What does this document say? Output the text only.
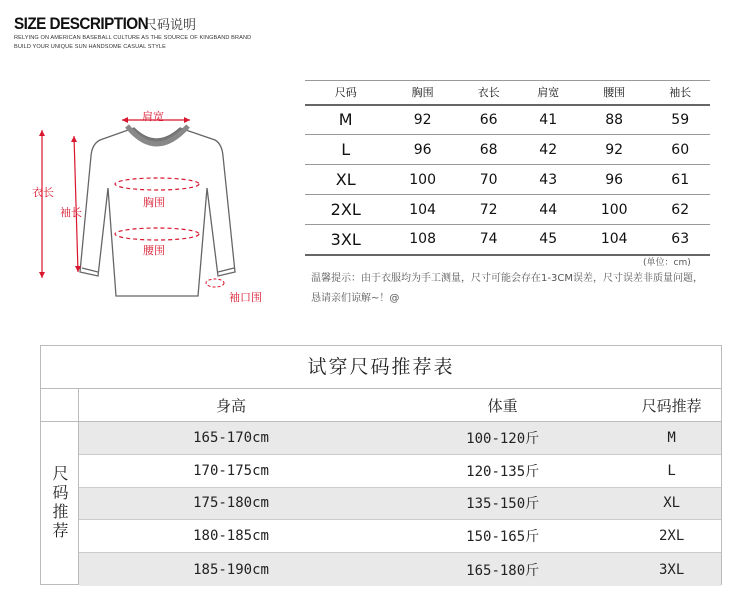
SIZE DESCRIPTION
尺码说明
RELYING ON AMERICAN BASEBALL CULTURE AS THE SOURCE OF KINGBAND BRAND
BUILD YOUR UNIQUE SUN HANDSOME CASUAL STYLE
肩宽
衣长
袖长
胸围
腰围
袖口围
尺码	胸围	衣长	肩宽	腰围	袖长
M	92	66	41	88	59
L	96	68	42	92	60
XL	100	70	43	96	61
2XL	104	72	44	100	62
3XL	108	74	45	104	63
(单位：cm)
温馨提示：由于衣服均为手工测量，尺寸可能会存在1-3CM误差，尺寸误差非质量问题，恳请亲们谅解~！@
试穿尺码推荐表
身高	体重	尺码推荐
尺码推荐
165-170cm	100-120斤	M
170-175cm	120-135斤	L
175-180cm	135-150斤	XL
180-185cm	150-165斤	2XL
185-190cm	165-180斤	3XL
